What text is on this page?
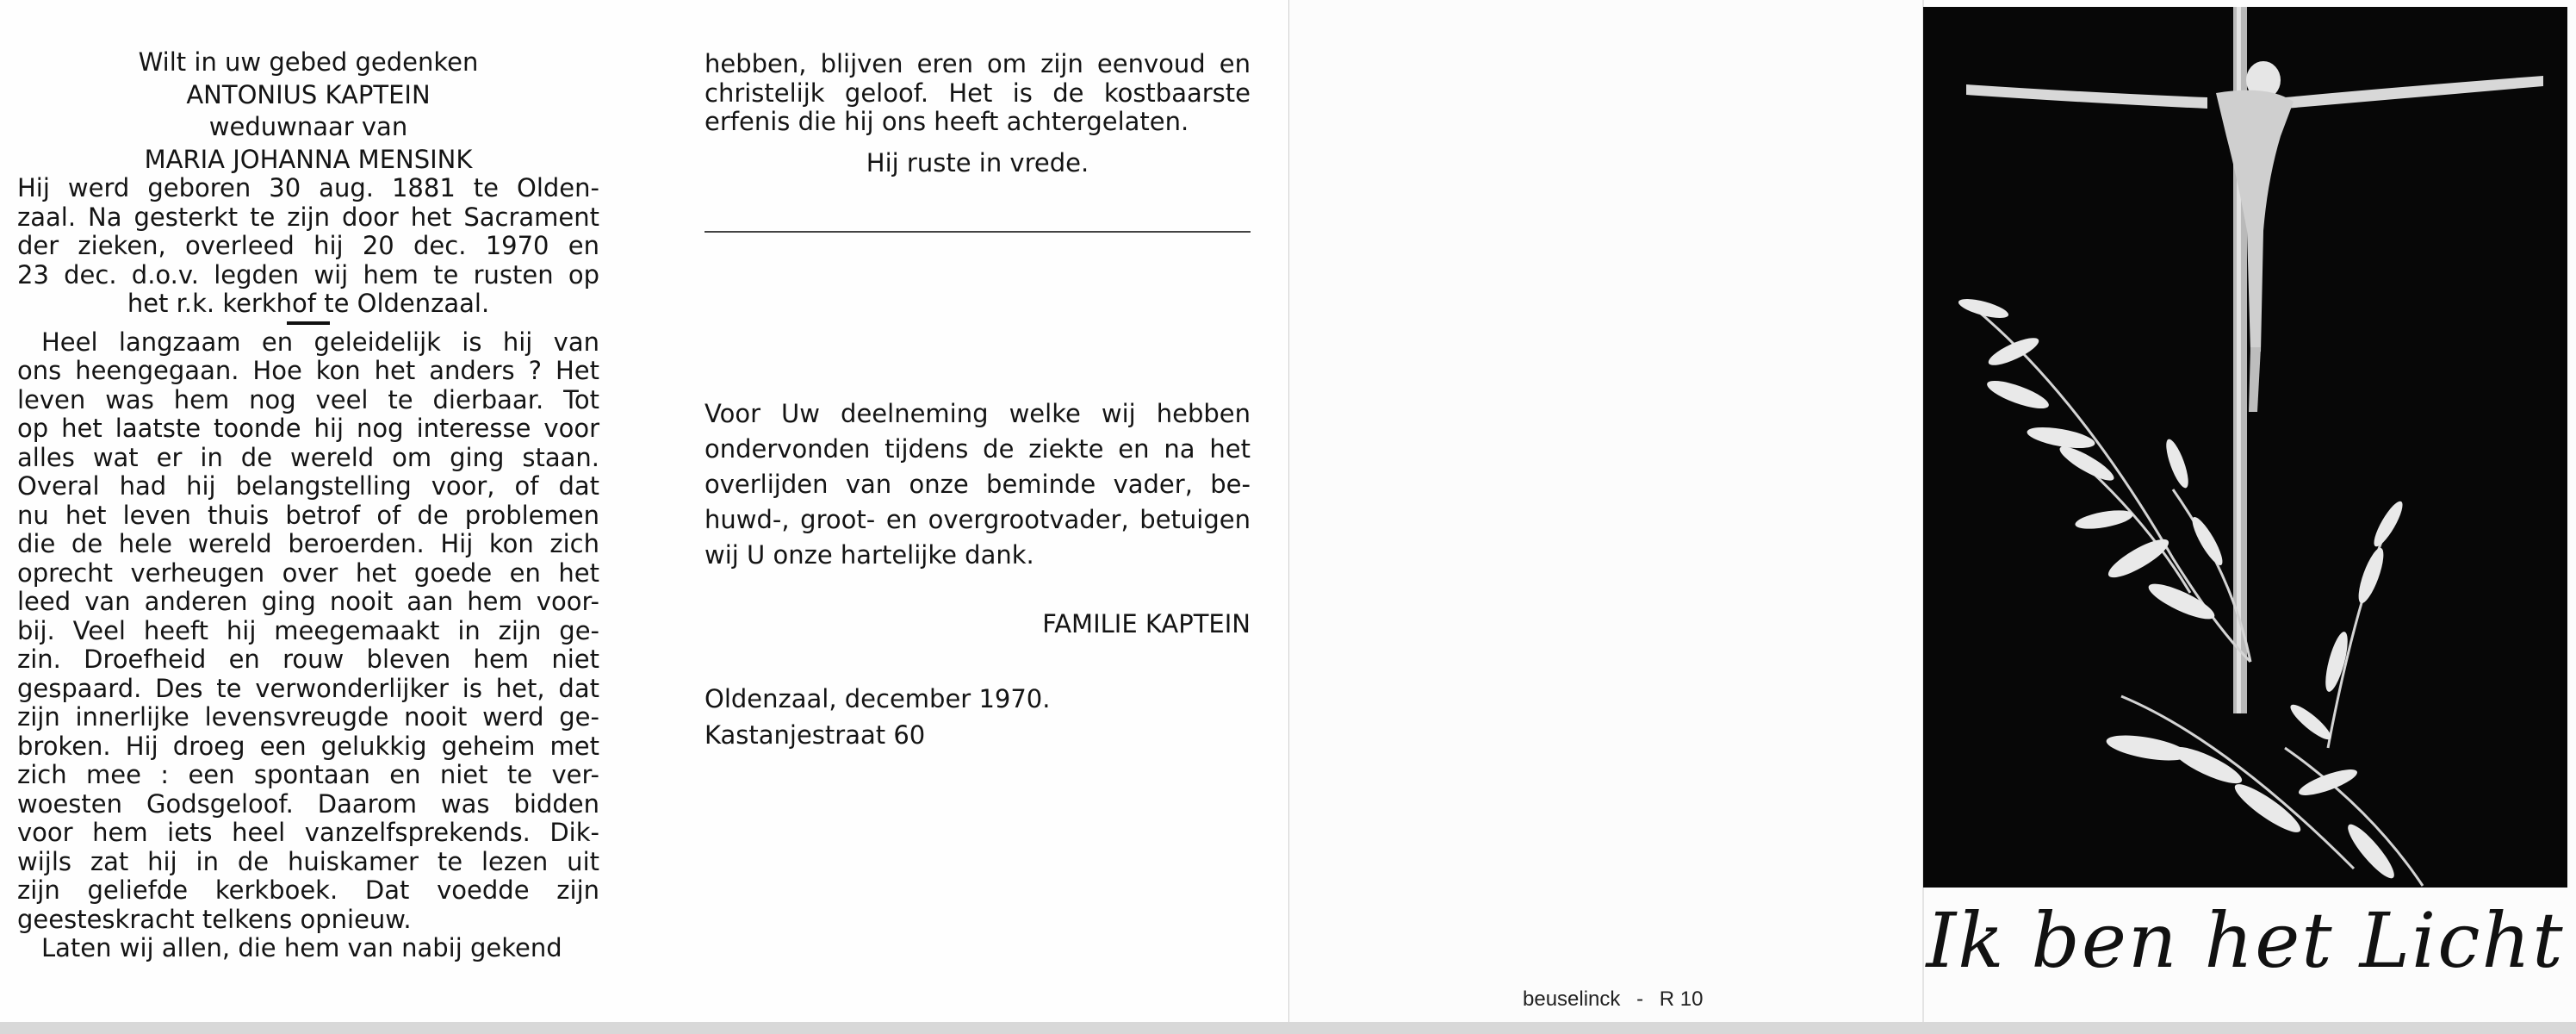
Wilt in uw gebed gedenken
ANTONIUS KAPTEIN
weduwnaar van
MARIA JOHANNA MENSINK
Hij werd geboren 30 aug. 1881 te Olden-
zaal. Na gesterkt te zijn door het Sacrament
der zieken, overleed hij 20 dec. 1970 en
23 dec. d.o.v. legden wij hem te rusten op
het r.k. kerkhof te Oldenzaal.
Heel langzaam en geleidelijk is hij van
ons heengegaan. Hoe kon het anders ? Het
leven was hem nog veel te dierbaar. Tot
op het laatste toonde hij nog interesse voor
alles wat er in de wereld om ging staan.
Overal had hij belangstelling voor, of dat
nu het leven thuis betrof of de problemen
die de hele wereld beroerden. Hij kon zich
oprecht verheugen over het goede en het
leed van anderen ging nooit aan hem voor-
bij. Veel heeft hij meegemaakt in zijn ge-
zin. Droefheid en rouw bleven hem niet
gespaard. Des te verwonderlijker is het, dat
zijn innerlijke levensvreugde nooit werd ge-
broken. Hij droeg een gelukkig geheim met
zich mee : een spontaan en niet te ver-
woesten Godsgeloof. Daarom was bidden
voor hem iets heel vanzelfsprekends. Dik-
wijls zat hij in de huiskamer te lezen uit
zijn geliefde kerkboek. Dat voedde zijn
geesteskracht telkens opnieuw.
Laten wij allen, die hem van nabij gekend
hebben, blijven eren om zijn eenvoud en
christelijk geloof. Het is de kostbaarste
erfenis die hij ons heeft achtergelaten.
Hij ruste in vrede.
Voor Uw deelneming welke wij hebben
ondervonden tijdens de ziekte en na het
overlijden van onze beminde vader, be-
huwd-, groot- en overgrootvader, betuigen
wij U onze hartelijke dank.
FAMILIE KAPTEIN
Oldenzaal, december 1970.
Kastanjestraat 60
beuselinck - R 10
Ik ben het Licht
